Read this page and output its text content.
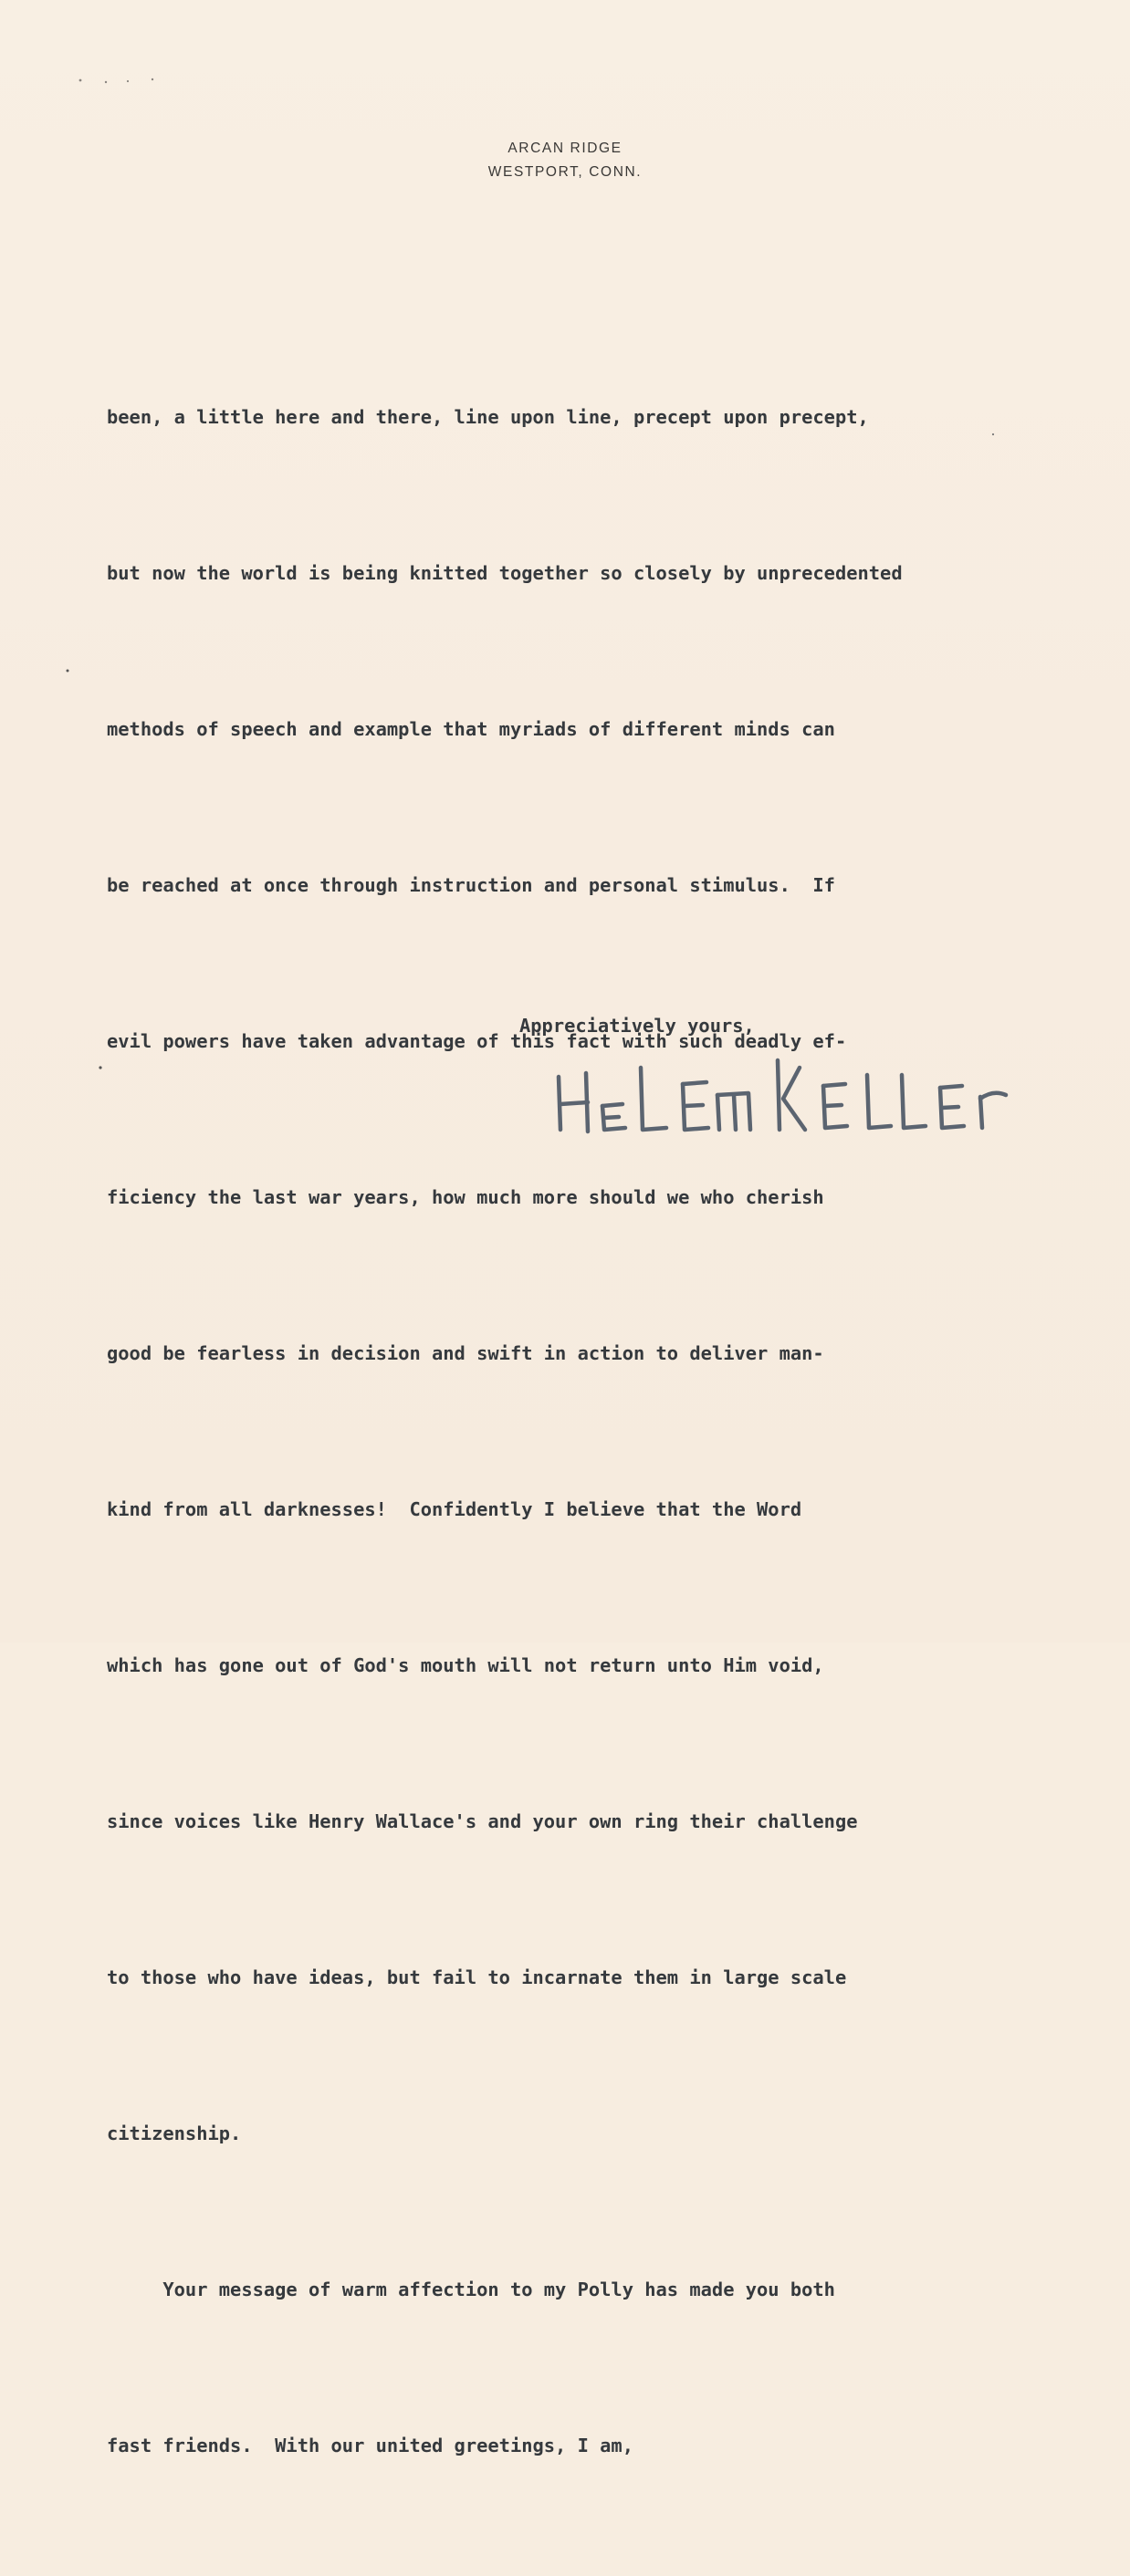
ARCAN RIDGE
WESTPORT, CONN.

been, a little here and there, line upon line, precept upon precept,

but now the world is being knitted together so closely by unprecedented

methods of speech and example that myriads of different minds can

be reached at once through instruction and personal stimulus.  If

evil powers have taken advantage of this fact with such deadly ef-

ficiency the last war years, how much more should we who cherish

good be fearless in decision and swift in action to deliver man-

kind from all darknesses!  Confidently I believe that the Word

which has gone out of God's mouth will not return unto Him void,

since voices like Henry Wallace's and your own ring their challenge

to those who have ideas, but fail to incarnate them in large scale

citizenship.

Your message of warm affection to my Polly has made you both

fast friends.  With our united greetings, I am,

Appreciatively yours,
